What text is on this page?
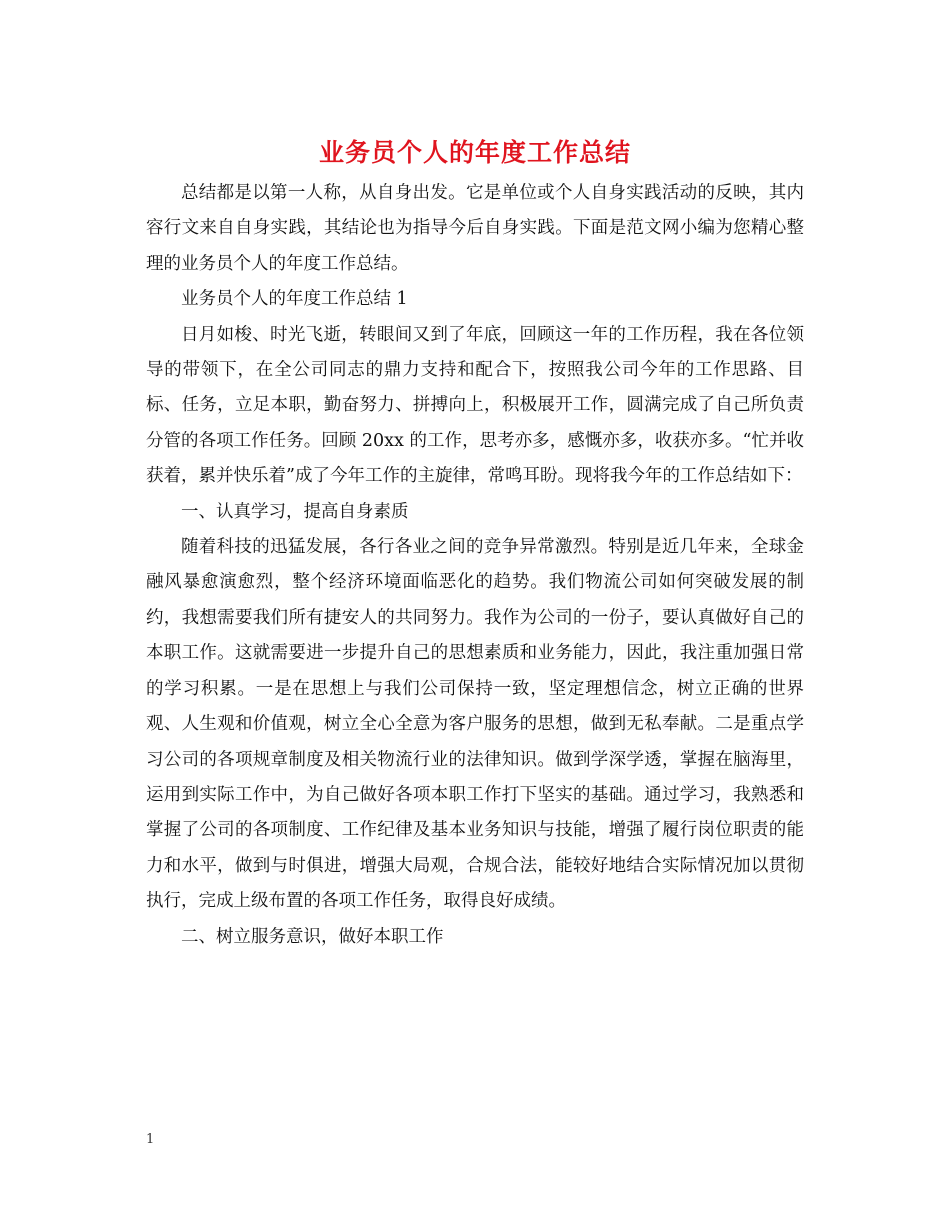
业务员个人的年度工作总结

总结都是以第一人称，从自身出发。它是单位或个人自身实践活动的反映，其内容行文来自自身实践，其结论也为指导今后自身实践。下面是范文网小编为您精心整理的业务员个人的年度工作总结。

业务员个人的年度工作总结 1

日月如梭、时光飞逝，转眼间又到了年底，回顾这一年的工作历程，我在各位领导的带领下，在全公司同志的鼎力支持和配合下，按照我公司今年的工作思路、目标、任务，立足本职，勤奋努力、拼搏向上，积极展开工作，圆满完成了自己所负责分管的各项工作任务。回顾 20xx 的工作，思考亦多，感慨亦多，收获亦多。“忙并收获着，累并快乐着”成了今年工作的主旋律，常鸣耳盼。现将我今年的工作总结如下：

一、认真学习，提高自身素质

随着科技的迅猛发展，各行各业之间的竞争异常激烈。特别是近几年来，全球金融风暴愈演愈烈，整个经济环境面临恶化的趋势。我们物流公司如何突破发展的制约，我想需要我们所有捷安人的共同努力。我作为公司的一份子，要认真做好自己的本职工作。这就需要进一步提升自己的思想素质和业务能力，因此，我注重加强日常的学习积累。一是在思想上与我们公司保持一致，坚定理想信念，树立正确的世界观、人生观和价值观，树立全心全意为客户服务的思想，做到无私奉献。二是重点学习公司的各项规章制度及相关物流行业的法律知识。做到学深学透，掌握在脑海里，运用到实际工作中，为自己做好各项本职工作打下坚实的基础。通过学习，我熟悉和掌握了公司的各项制度、工作纪律及基本业务知识与技能，增强了履行岗位职责的能力和水平，做到与时俱进，增强大局观，合规合法，能较好地结合实际情况加以贯彻执行，完成上级布置的各项工作任务，取得良好成绩。

二、树立服务意识，做好本职工作

1
